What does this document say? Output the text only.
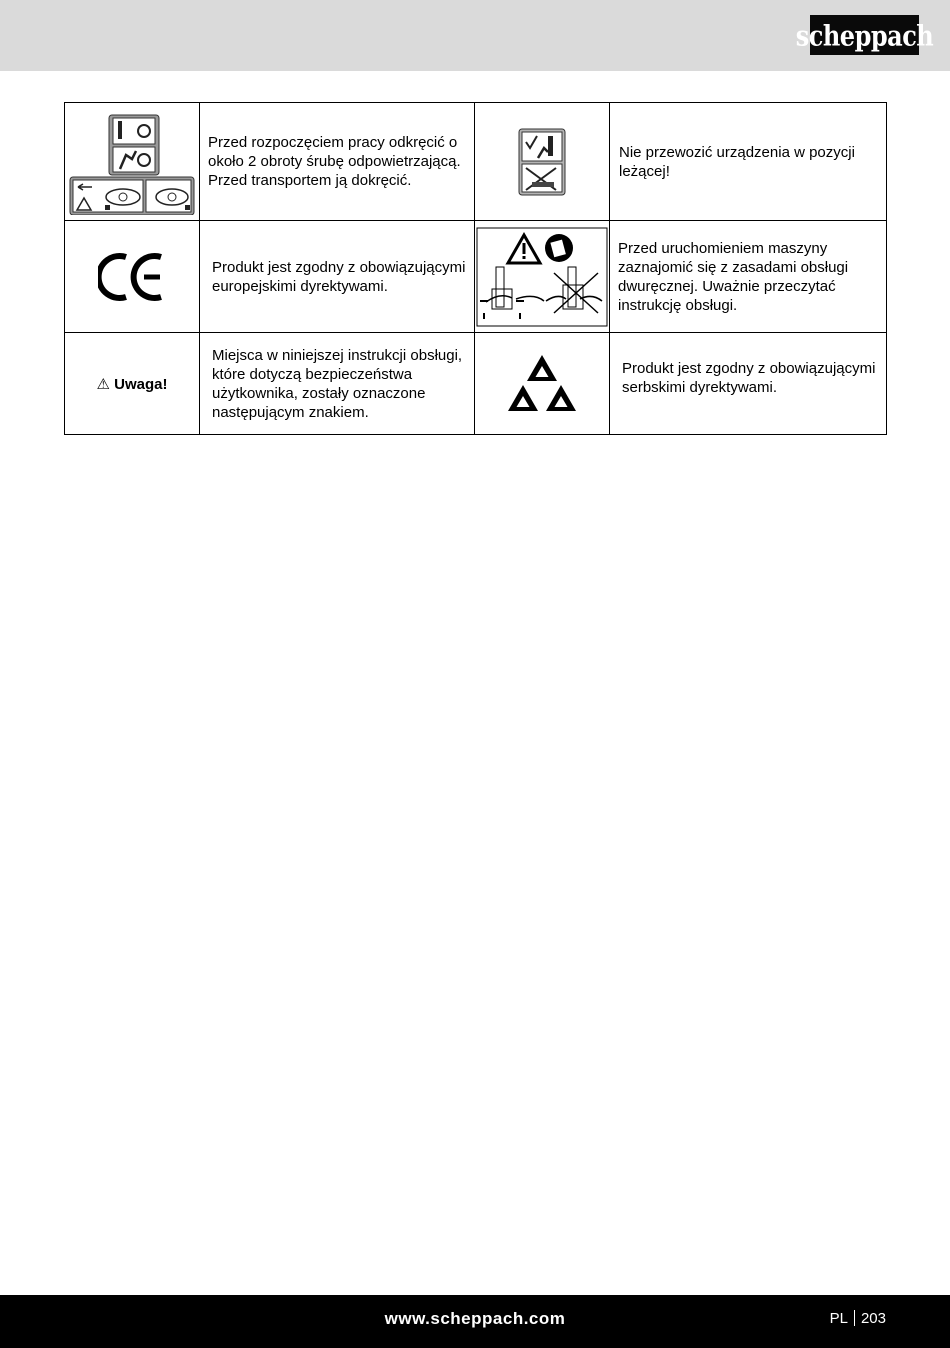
scheppach

Przed rozpoczęciem pracy odkręcić o około 2 obroty śrubę odpowietrzającą. Przed transportem ją dokręcić.		Nie przewozić urządzenia w pozycji leżącej!

Produkt jest zgodny z obowiązującymi europejskimi dyrektywami.		Przed uruchomieniem maszyny zaznajomić się z zasadami obsługi dwuręcznej. Uważnie przeczytać instrukcję obsługi.

⚠ Uwaga!	Miejsca w niniejszej instrukcji obsługi, które dotyczą bezpieczeństwa użytkownika, zostały oznaczone następującym znakiem.		Produkt jest zgodny z obowiązującymi serbskimi dyrektywami.
www.scheppach.com	PL 203
